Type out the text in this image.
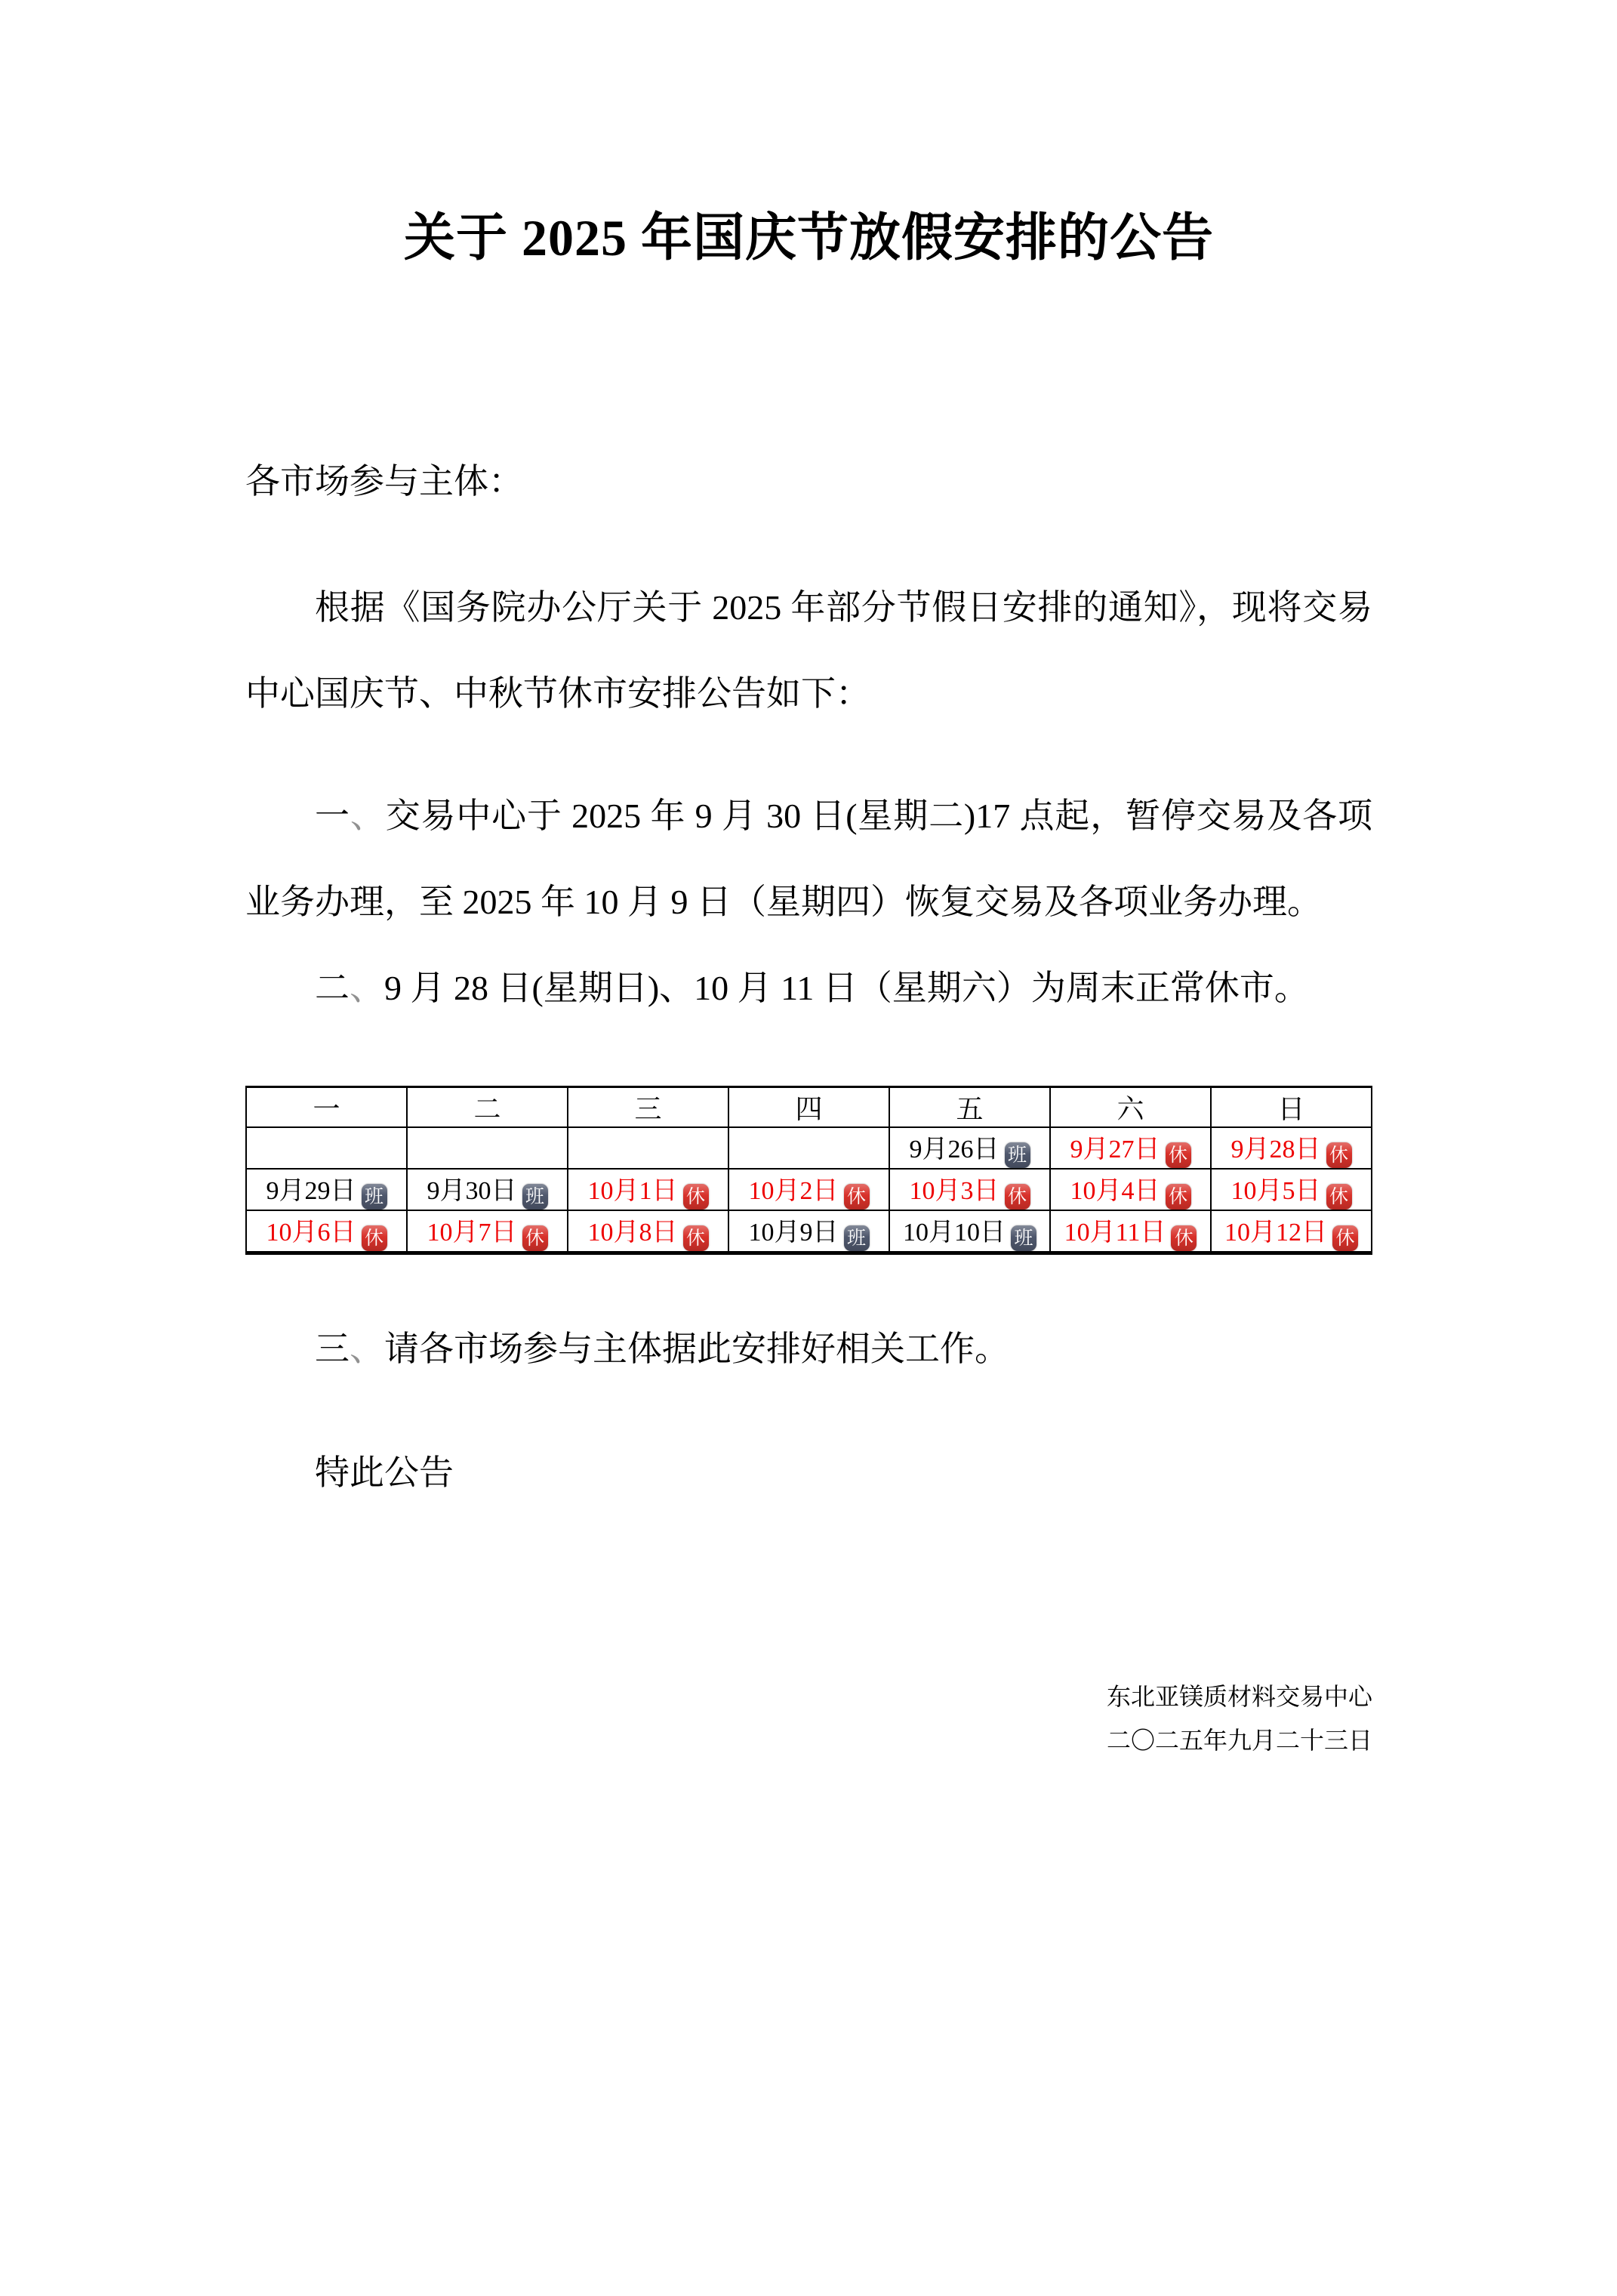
关于 2025 年国庆节放假安排的公告

各市场参与主体：

根据《国务院办公厅关于 2025 年部分节假日安排的通知》，现将交易中心国庆节、中秋节休市安排公告如下：

一、交易中心于 2025 年 9 月 30 日(星期二)17 点起，暂停交易及各项业务办理，至 2025 年 10 月 9 日（星期四）恢复交易及各项业务办理。

二、9 月 28 日(星期日)、10 月 11 日（星期六）为周末正常休市。

一	二	三	四	五	六	日
				9月26日 班	9月27日 休	9月28日 休
9月29日 班	9月30日 班	10月1日 休	10月2日 休	10月3日 休	10月4日 休	10月5日 休
10月6日 休	10月7日 休	10月8日 休	10月9日 班	10月10日 班	10月11日 休	10月12日 休

三、请各市场参与主体据此安排好相关工作。

特此公告

东北亚镁质材料交易中心

二〇二五年九月二十三日
